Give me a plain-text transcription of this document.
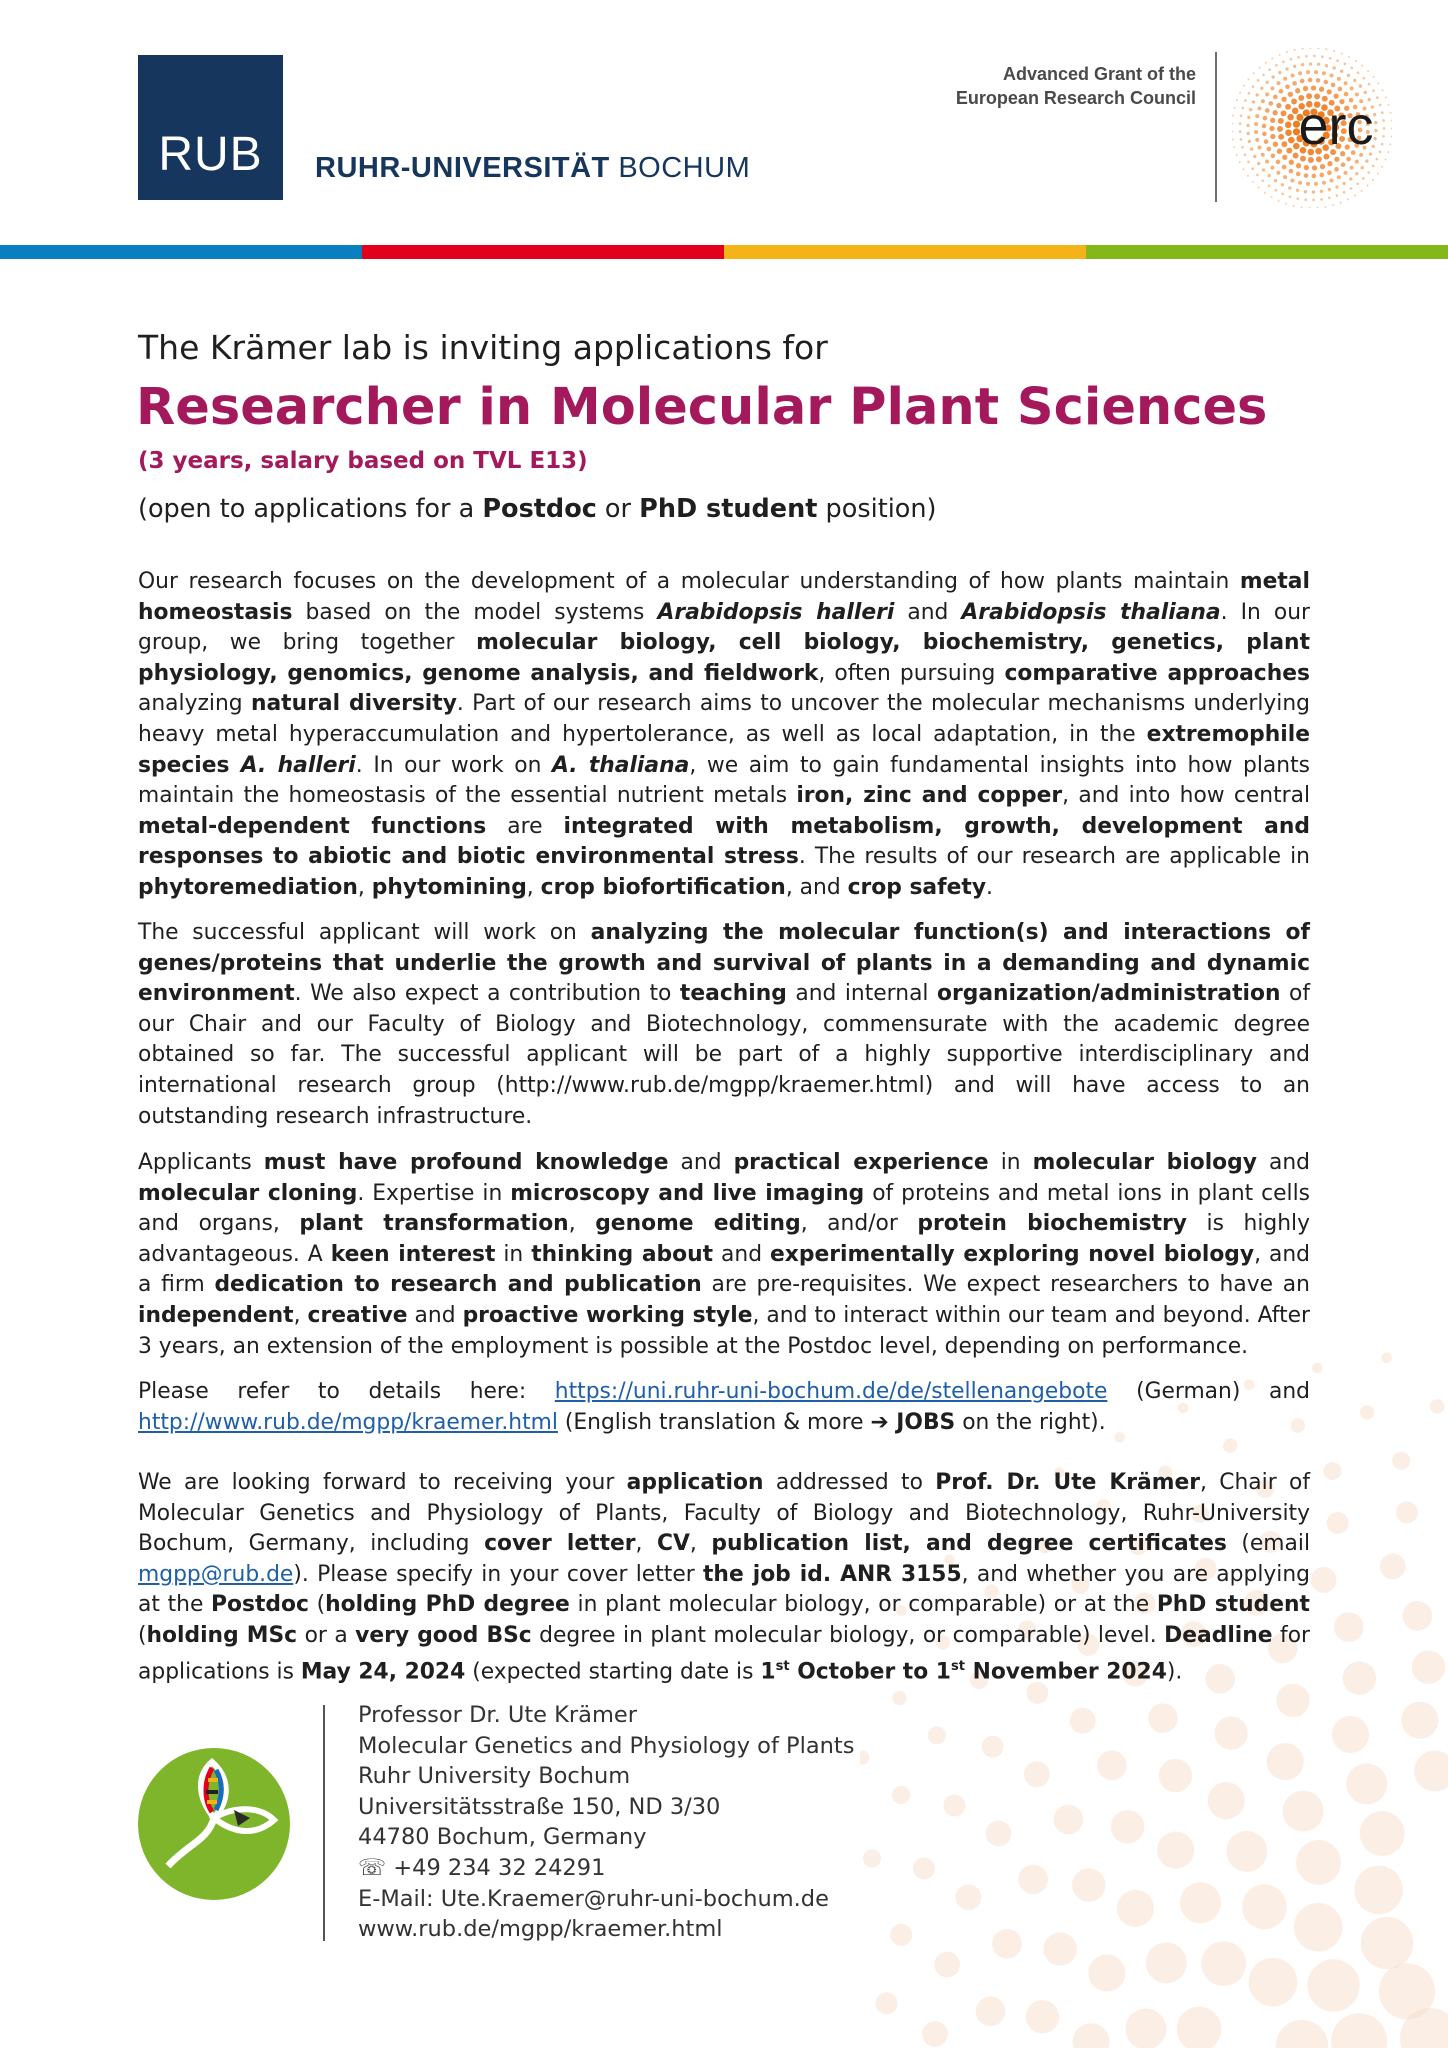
RUB	RUHR-UNIVERSITÄT BOCHUM
Advanced Grant of the
European Research Council erc
The Krämer lab is inviting applications for
Researcher in Molecular Plant Sciences
(3 years, salary based on TVL E13)
(open to applications for a Postdoc or PhD student position)
Our research focuses on the development of a molecular understanding of how plants maintain metal homeostasis based on the model systems Arabidopsis halleri and Arabidopsis thaliana. In our group, we bring together molecular biology, cell biology, biochemistry, genetics, plant physiology, genomics, genome analysis, and fieldwork, often pursuing comparative approaches analyzing natural diversity. Part of our research aims to uncover the molecular mechanisms underlying heavy metal hyperaccumulation and hypertolerance, as well as local adaptation, in the extremophile species A. halleri. In our work on A. thaliana, we aim to gain fundamental insights into how plants maintain the homeostasis of the essential nutrient metals iron, zinc and copper, and into how central metal-dependent functions are integrated with metabolism, growth, development and responses to abiotic and biotic environmental stress. The results of our research are applicable in phytoremediation, phytomining, crop biofortification, and crop safety.
The successful applicant will work on analyzing the molecular function(s) and interactions of genes/proteins that underlie the growth and survival of plants in a demanding and dynamic environment. We also expect a contribution to teaching and internal organization/administration of our Chair and our Faculty of Biology and Biotechnology, commensurate with the academic degree obtained so far. The successful applicant will be part of a highly supportive interdisciplinary and international research group (http://www.rub.de/mgpp/kraemer.html) and will have access to an outstanding research infrastructure.
Applicants must have profound knowledge and practical experience in molecular biology and molecular cloning. Expertise in microscopy and live imaging of proteins and metal ions in plant cells and organs, plant transformation, genome editing, and/or protein biochemistry is highly advantageous. A keen interest in thinking about and experimentally exploring novel biology, and a firm dedication to research and publication are pre-requisites. We expect researchers to have an independent, creative and proactive working style, and to interact within our team and beyond. After 3 years, an extension of the employment is possible at the Postdoc level, depending on performance.
Please refer to details here: https://uni.ruhr-uni-bochum.de/de/stellenangebote (German) and http://www.rub.de/mgpp/kraemer.html (English translation & more ➔ JOBS on the right).
We are looking forward to receiving your application addressed to Prof. Dr. Ute Krämer, Chair of Molecular Genetics and Physiology of Plants, Faculty of Biology and Biotechnology, Ruhr-University Bochum, Germany, including cover letter, CV, publication list, and degree certificates (email mgpp@rub.de). Please specify in your cover letter the job id. ANR 3155, and whether you are applying at the Postdoc (holding PhD degree in plant molecular biology, or comparable) or at the PhD student (holding MSc or a very good BSc degree in plant molecular biology, or comparable) level. Deadline for applications is May 24, 2024 (expected starting date is 1st October to 1st November 2024).
Professor Dr. Ute Krämer
Molecular Genetics and Physiology of Plants
Ruhr University Bochum
Universitätsstraße 150, ND 3/30
44780 Bochum, Germany
☏ +49 234 32 24291
E-Mail: Ute.Kraemer@ruhr-uni-bochum.de
www.rub.de/mgpp/kraemer.html
